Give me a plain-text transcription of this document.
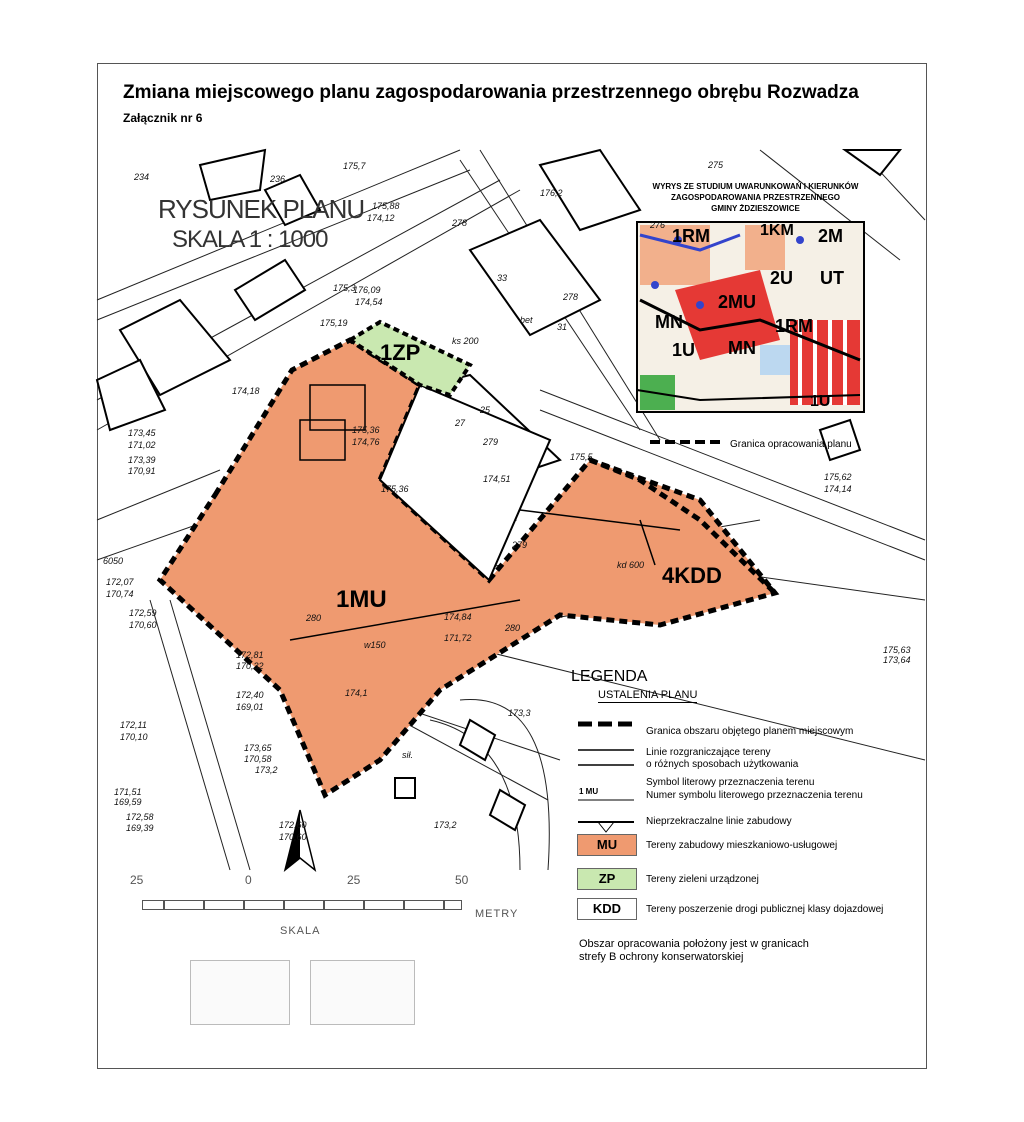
Zmiana miejscowego planu zagospodarowania przestrzennego obrębu Rozwadza
Załącznik nr 6
RYSUNEK PLANU
SKALA 1 : 1000
1MU
1ZP
4KDD
234
175,7	275
236
175,88
174,12	278	276
176,2
33
278
31
175,3
176,09
174,54
175,19
ks 200
bet
174,18
173,45
171,02
173,39
170,91
175,36
174,76	279
27
25
175,5
175,36
174,51
279
kd 600
175,62
174,14
6050
172,07
170,74
172,59
170,60
280
w150
174,84
171,72
280
172,81
170,32
172,40
169,01
172,11
170,10
173,65
170,58
173,2
171,51
169,59
172,58
169,39	172,60
170,60
174,1
173,3
173,2
sił.
175,63
173,64
WYRYS ZE STUDIUM UWARUNKOWAŃ I KIERUNKÓW
ZAGOSPODAROWANIA PRZESTRZENNEGO
GMINY ŻDZIESZOWICE
1RM	1KM 2M
2U UT
2MU
MN	1RM
1U MN
1U
Granica opracowania planu
LEGENDA
USTALENIA PLANU
Granica obszaru objętego planem miejscowym
Linie rozgraniczające tereny
o różnych sposobach użytkowania
Symbol literowy przeznaczenia terenu
1 MU	Numer symbolu literowego przeznaczenia terenu
Nieprzekraczalne linie zabudowy
MU	Tereny zabudowy mieszkaniowo-usługowej
ZP	Tereny zieleni urządzonej
KDD	Tereny poszerzenie drogi publicznej klasy dojazdowej
Obszar opracowania położony jest w granicach
strefy B ochrony konserwatorskiej
25	0	25	50
METRY
SKALA
